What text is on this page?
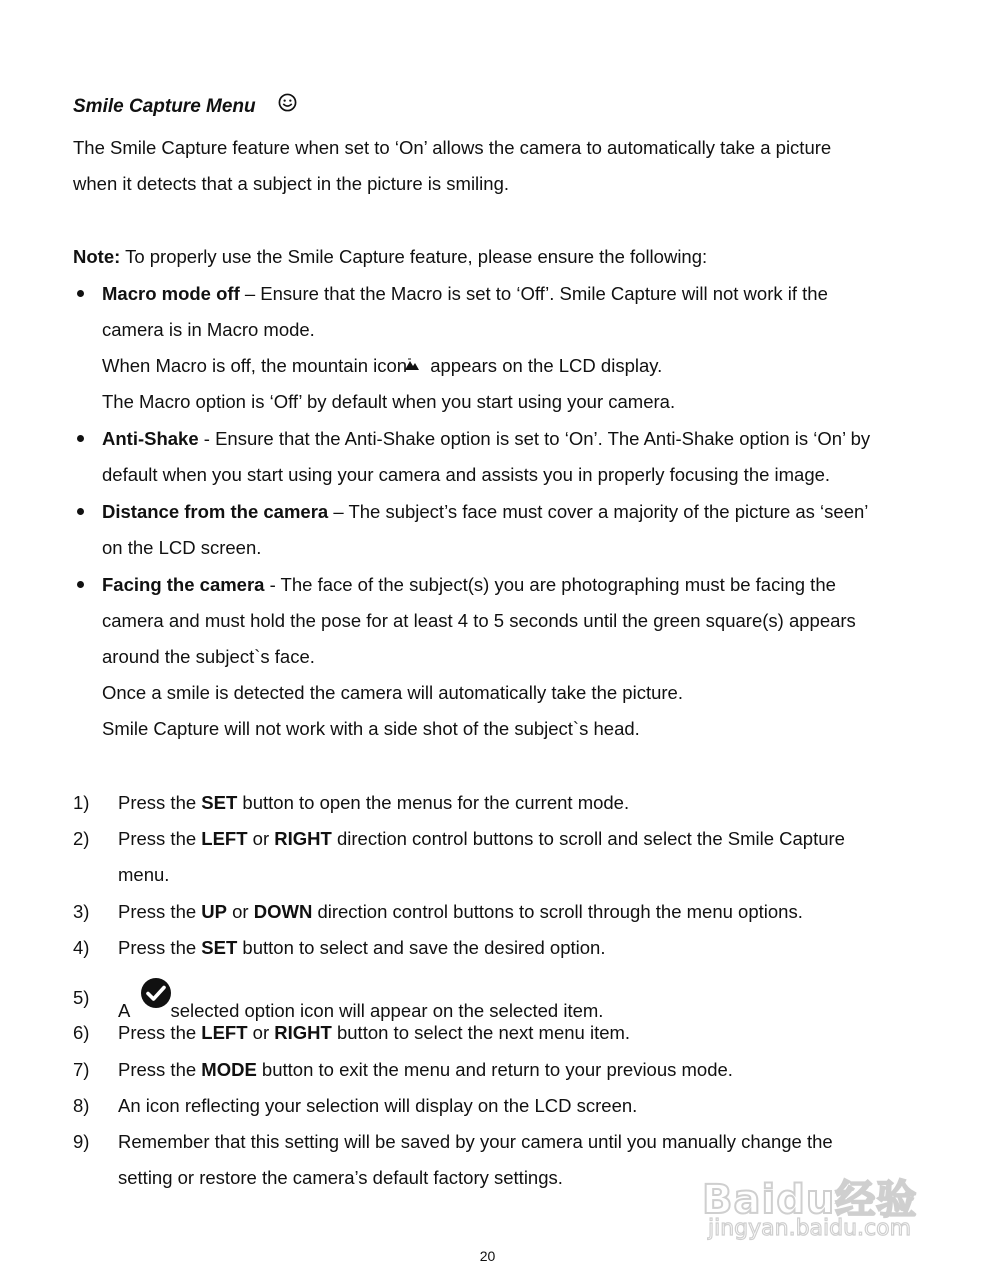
Smile Capture Menu
The Smile Capture feature when set to ‘On’ allows the camera to automatically take a picture
when it detects that a subject in the picture is smiling.
Note: To properly use the Smile Capture feature, please ensure the following:
Macro mode off – Ensure that the Macro is set to ‘Off’. Smile Capture will not work if the
camera is in Macro mode.
When Macro is off, the mountain icon appears on the LCD display.
The Macro option is ‘Off’ by default when you start using your camera.
Anti-Shake - Ensure that the Anti-Shake option is set to ‘On’. The Anti-Shake option is ‘On’ by
default when you start using your camera and assists you in properly focusing the image.
Distance from the camera – The subject’s face must cover a majority of the picture as ‘seen’
on the LCD screen.
Facing the camera - The face of the subject(s) you are photographing must be facing the
camera and must hold the pose for at least 4 to 5 seconds until the green square(s) appears
around the subject`s face.
Once a smile is detected the camera will automatically take the picture.
Smile Capture will not work with a side shot of the subject`s head.
1) Press the SET button to open the menus for the current mode.
2) Press the LEFT or RIGHT direction control buttons to scroll and select the Smile Capture
menu.
3) Press the UP or DOWN direction control buttons to scroll through the menu options.
4) Press the SET button to select and save the desired option.
5)
A selected option icon will appear on the selected item.
6) Press the LEFT or RIGHT button to select the next menu item.
7) Press the MODE button to exit the menu and return to your previous mode.
8) An icon reflecting your selection will display on the LCD screen.
9) Remember that this setting will be saved by your camera until you manually change the
setting or restore the camera’s default factory settings.	Baidu经验
jingyan.baidu.com
20
